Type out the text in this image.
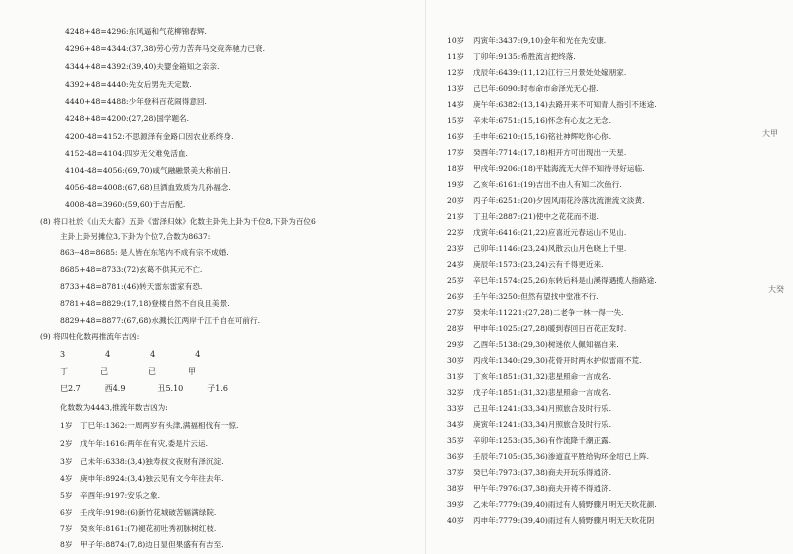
4248+48=4296:东风逼和气花柳锦春辉.
4296+48=4344:(37,38)劳心劳力苦奔马交竞奔驰力已衰.
4344+48=4392:(39,40)夫婴金箱知之亲亲.
4392+48=4440:先女后男先天定数.
4440+48=4488:少年登科百花闹得意回.
4248+48=4200:(27,28)国学题名.
4200-48=4152:不思源泽有金路口因农业系终身.
4152-48=4104:四岁无父难免活血.
4104-48=4056:(69,70)咸气融融景美大称前日.
4056-48=4008:(67,68)旦洒血致质为几孙福念.
4008-48=3960:(59,60)于吉后配.
(8) 将口社於《山天大畜》五卦《雷泽归妹》化数主卦先上卦为千位8,下卦为百位6
主卦上卦另摊位3,下卦为个位7,合数为8637:
863--48=8685: 是人皆在东笔内不成有宗不成婚.
8685+48=8733:(72)玄葛不供其元不亡.
8733+48=8781:(46)转天雷东雷家有恐.
8781+48=8829:(17,18)登楼自然不自良且美景.
8829+48=8877:(67,68)水溅长江两岸千江千自在可前行.
(9) 将四柱化数再推流年吉凶:
3　　　　　4　　　　　4　　　　　4
丁　　　　己　　　　　已　　　　甲
巳2.7　　　西4.9　　　　丑5.10　　　子1.6
化数数为4443,推流年数吉凶为:
1岁　丁巳年:1362:一周两岁有头津,满福相伐有一惊.
2岁　戊午年:1616:两年在有灾,委是片云运.
3岁　己未年:6338:(3,4)独寿叔文夜财有泽沉淀.
4岁　庚申年:8924:(3,4)独云见有文今年往去年.
5岁　辛酉年:9197:安乐之象.
6岁　壬戌年:9198:(6)新竹花城破苦辐满绿院.
7岁　癸亥年:8161:(7)褪花初吐秀初脉树红枝.
8岁　甲子年:8874:(7,8)边日显但果盛有有吉至.
10岁 丙寅年:3437:(9,10)金年和光在先安康.
11岁 丁卯年:9135:希胜流言把终落.
12岁 戊辰年:6439:(11,12)江行三月景处处嫁朋家.
13岁 己巳年:6090:时布命市命泽光无心措.
14岁 庚午年:6382:(13,14)去路开来不可知青人指引不迷途.
15岁 辛未年:6751:(15,16)怀念有心友之无念.
16岁 壬申年:6210:(15,16)铭社神辉吃你心你.
17岁 癸酉年:7714:(17,18)相开方可出现出一天星.
18岁 甲戌年:9206:(18)平陆海流无大伴不知待寻好运临.
19岁 乙亥年:6161:(19)吉出不由人有知二次鱼行.
20岁 丙子年:6251:(20)夕因风雨花泠落沈流泄流文淡黄.
21岁 丁丑年:2887:(21)使中之花花而不退.
22岁 戊寅年:6416:(21,22)应喜近元春运山不见山.
23岁 己卯年:1146:(23,24)风散云山月色晓上千里.
24岁 庚辰年:1573:(23,24)云有千得更近来.
25岁 辛巳年:1574:(25,26)东转后科是山溪得遇揽人指路途.
26岁 壬午年:3250:但然有望找中堂准不行.
27岁 癸未年:11221:(27,28)二老争一林一得一失.
28岁 甲申年:1025:(27,28)暖到春回日百花正发时.
29岁 乙酉年:5138:(29,30)树迷依人佩知福自来.
30岁 丙戌年:1340:(29,30)花骨开时两水护似雷雨不荒.
31岁 丁亥年:1851:(31,32)悲星照命一言成名.
32岁 戊子年:1851:(31,32)悲星照命一言成名.
33岁 己丑年:1241:(33,34)月照旅合及时行乐.
34岁 庚寅年:1241:(33,34)月照旅合及时行乐.
35岁 辛卯年:1253:(35,36)有作流降千潮正露.
36岁 壬辰年:7105:(35,36)渗道直平胜给钩环金绍已上阵.
37岁 癸巳年:7973:(37,38)商夫开玩乐得逍济.
38岁 甲午年:7976:(37,38)商夫开祷不得逍济.
39岁 乙未年:7779:(39,40)雨过有人骑野骤月明无天吹花颜.
40岁 丙申年:7779:(39,40)雨过有人骑野骤月明无天吹花阴
大甲
大癸
